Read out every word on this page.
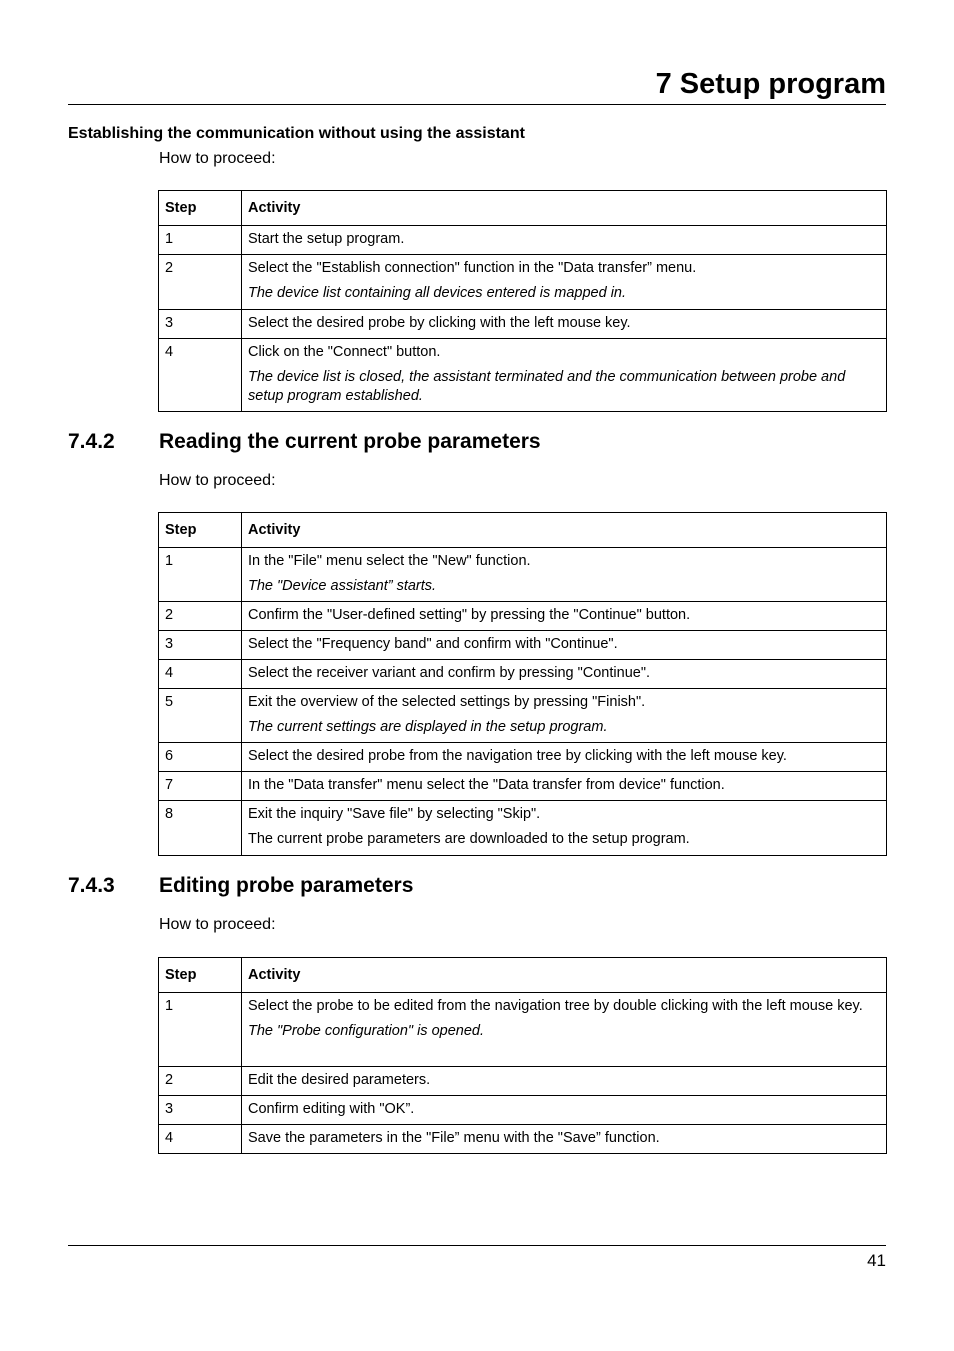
7 Setup program
Establishing the communication without using the assistant

How to proceed:

Step	Activity
1	Start the setup program.

2	Select the "Establish connection" function in the "Data transfer” menu.

The device list containing all devices entered is mapped in.

3	Select the desired probe by clicking with the left mouse key.

4	Click on the "Connect" button.

The device list is closed, the assistant terminated and the communication between probe and setup program established.

7.4.2 Reading the current probe parameters

How to proceed:

Step	Activity
1	In the "File" menu select the "New" function.

The "Device assistant” starts.

2	Confirm the "User-defined setting" by pressing the "Continue" button.

3	Select the "Frequency band" and confirm with "Continue".

4	Select the receiver variant and confirm by pressing "Continue".

5	Exit the overview of the selected settings by pressing "Finish".

The current settings are displayed in the setup program.

6	Select the desired probe from the navigation tree by clicking with the left mouse key.

7	In the "Data transfer" menu select the "Data transfer from device" function.

8	Exit the inquiry "Save file" by selecting "Skip".

The current probe parameters are downloaded to the setup program.

7.4.3 Editing probe parameters

How to proceed:

Step	Activity
1	Select the probe to be edited from the navigation tree by double clicking with the left mouse key.

The "Probe configuration" is opened.

2	Edit the desired parameters.

3	Confirm editing with "OK”.

4	Save the parameters in the "File” menu with the "Save” function.

41
